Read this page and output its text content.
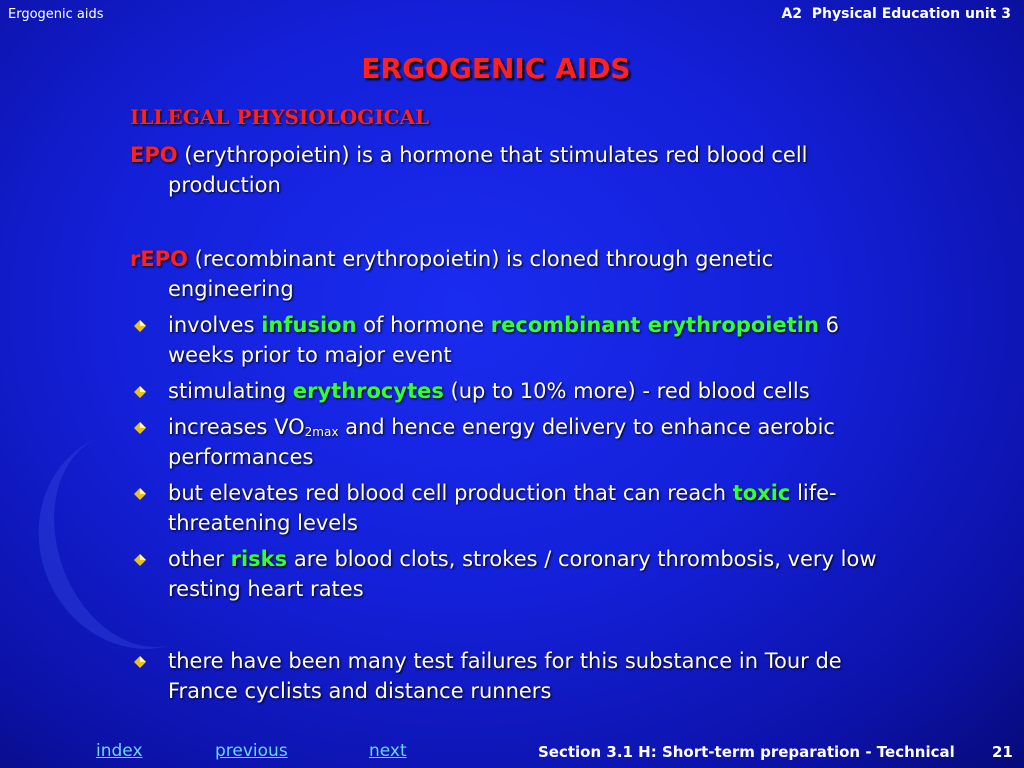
Ergogenic aids	A2  Physical Education unit 3
ERGOGENIC AIDS
ILLEGAL PHYSIOLOGICAL
EPO (erythropoietin) is a hormone that stimulates red blood cell production
rEPO (recombinant erythropoietin) is cloned through genetic engineering
involves infusion of hormone recombinant erythropoietin 6 weeks prior to major event
stimulating erythrocytes (up to 10% more) - red blood cells
increases $VO_{2max}$ and hence energy delivery to enhance aerobic performances
but elevates red blood cell production that can reach toxic life-threatening levels
other risks are blood clots, strokes / coronary thrombosis, very low resting heart rates
there have been many test failures for this substance in Tour de France cyclists and distance runners
index	previous	next	Section 3.1 H: Short-term preparation - Technical 21
